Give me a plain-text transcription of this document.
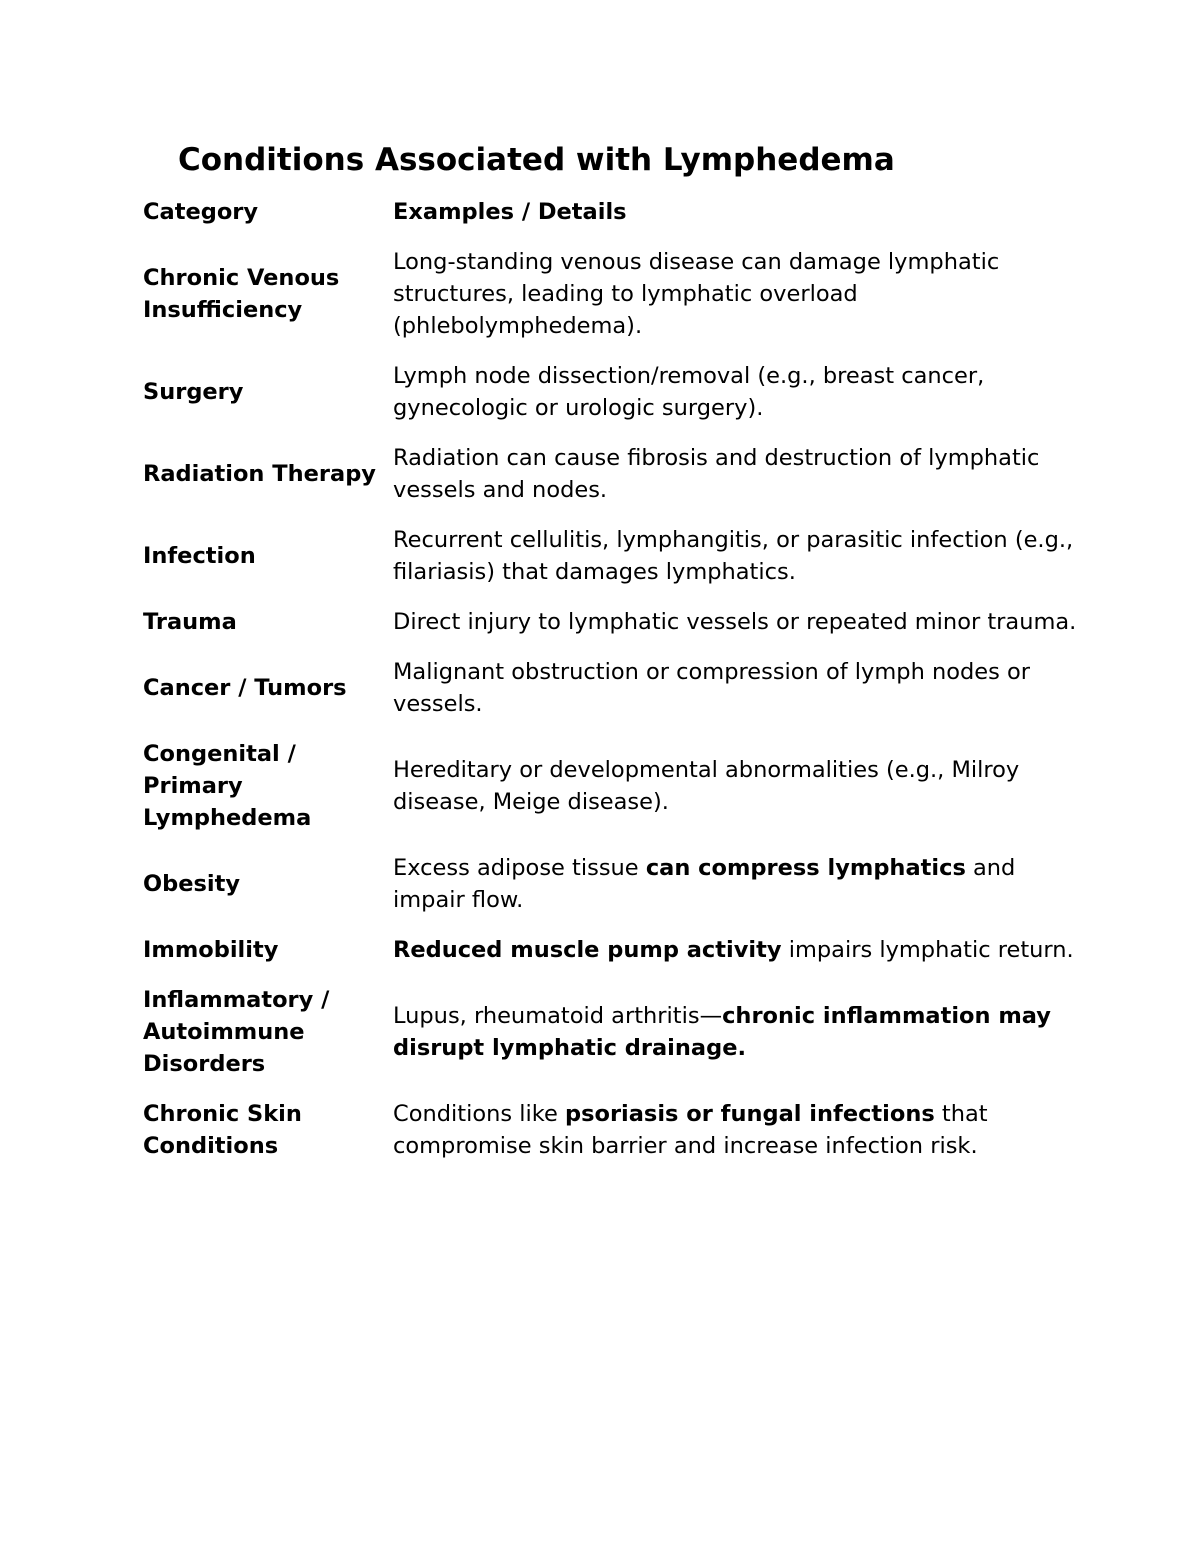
Conditions Associated with Lymphedema
Category	Examples / Details
Chronic Venous
Insufficiency	Long-standing venous disease can damage lymphatic structures, leading to lymphatic overload (phlebolymphedema).
Surgery	Lymph node dissection/removal (e.g., breast cancer, gynecologic or urologic surgery).
Radiation Therapy	Radiation can cause fibrosis and destruction of lymphatic vessels and nodes.
Infection	Recurrent cellulitis, lymphangitis, or parasitic infection (e.g., filariasis) that damages lymphatics.
Trauma	Direct injury to lymphatic vessels or repeated minor trauma.
Cancer / Tumors	Malignant obstruction or compression of lymph nodes or vessels.
Congenital /
Primary
Lymphedema	Hereditary or developmental abnormalities (e.g., Milroy disease, Meige disease).
Obesity	Excess adipose tissue can compress lymphatics and impair flow.
Immobility	Reduced muscle pump activity impairs lymphatic return.
Inflammatory /
Autoimmune
Disorders	Lupus, rheumatoid arthritis—chronic inflammation may disrupt lymphatic drainage.
Chronic Skin
Conditions	Conditions like psoriasis or fungal infections that compromise skin barrier and increase infection risk.
